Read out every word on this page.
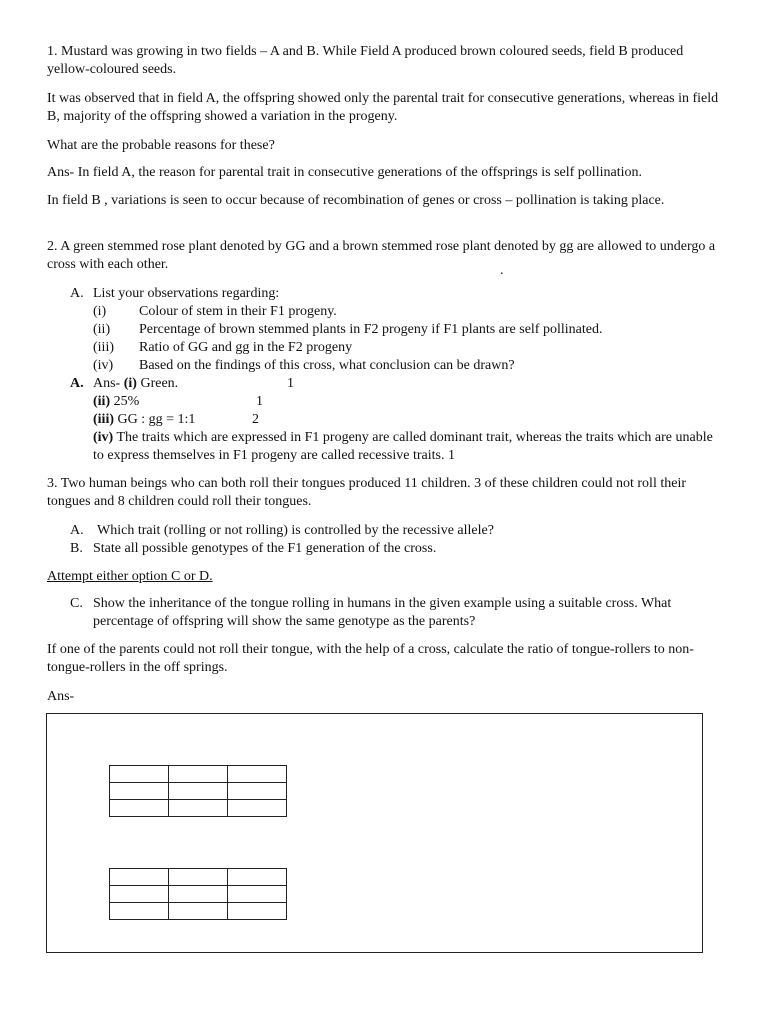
1. Mustard was growing in two fields – A and B. While Field A produced brown coloured seeds, field B produced yellow-coloured seeds.

It was observed that in field A, the offspring showed only the parental trait for consecutive generations, whereas in field B, majority of the offspring showed a variation in the progeny.

What are the probable reasons for these?

Ans- In field A, the reason for parental trait in consecutive generations of the offsprings is self pollination.

In field B , variations is seen to occur because of recombination of genes or cross – pollination is taking place.

2. A green stemmed rose plant denoted by GG and a brown stemmed rose plant denoted by gg are allowed to undergo a cross with each other.	.
A. List your observations regarding:
(i) Colour of stem in their F1 progeny.
(ii) Percentage of brown stemmed plants in F2 progeny if F1 plants are self pollinated.
(iii) Ratio of GG and gg in the F2 progeny
(iv) Based on the findings of this cross, what conclusion can be drawn?
A. Ans- (i) Green.	1
(ii) 25%	1
(iii) GG : gg = 1:1	2

(iv) The traits which are expressed in F1 progeny are called dominant trait, whereas the traits which are unable to express themselves in F1 progeny are called recessive traits. 1

3. Two human beings who can both roll their tongues produced 11 children. 3 of these children could not roll their tongues and 8 children could roll their tongues.

A. Which trait (rolling or not rolling) is controlled by the recessive allele?
B. State all possible genotypes of the F1 generation of the cross.
Attempt either option C or D.
C. Show the inheritance of the tongue rolling in humans in the given example using a suitable cross. What percentage of offspring will show the same genotype as the parents?

If one of the parents could not roll their tongue, with the help of a cross, calculate the ratio of tongue-rollers to non-tongue-rollers in the off springs.

Ans-
